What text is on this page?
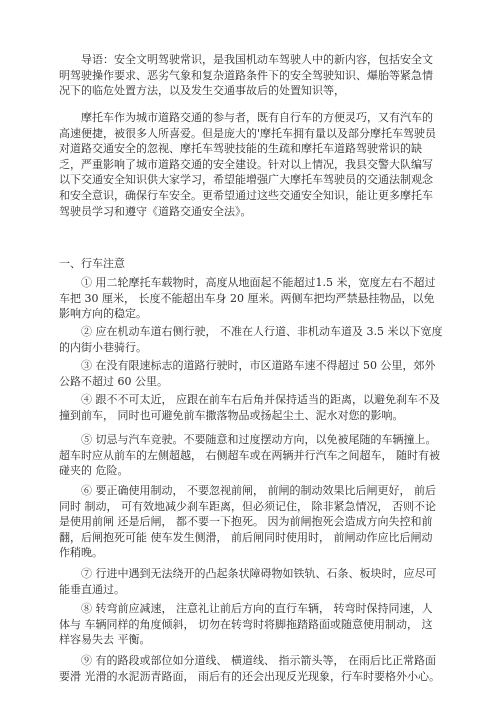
导语：安全文明驾驶常识，是我国机动车驾驶人中的新内容，包括安全文明驾驶操作要求、恶劣气象和复杂道路条件下的安全驾驶知识、爆胎等紧急情况下的临危处置方法，以及发生交通事故后的处置知识等，

摩托车作为城市道路交通的参与者，既有自行车的方便灵巧，又有汽车的高速便捷，被很多人所喜爱。但是庞大的'摩托车拥有量以及部分摩托车驾驶员对道路交通安全的忽视、摩托车驾驶技能的生疏和摩托车道路驾驶常识的缺乏，严重影响了城市道路交通的安全建设。针对以上情况，我县交警大队编写以下交通安全知识供大家学习，希望能增强广大摩托车驾驶员的交通法制观念和安全意识，确保行车安全。更希望通过这些交通安全知识，能让更多摩托车驾驶员学习和遵守《道路交通安全法》。

一、行车注意

① 用二轮摩托车载物时，高度从地面起不能超过1.5 米，宽度左右不超过车把 30 厘米， 长度不能超出车身 20 厘米。两侧车把均严禁悬挂物品，以免影响方向的稳定。

② 应在机动车道右侧行驶， 不准在人行道、非机动车道及 3.5 米以下宽度的内街小巷骑行。

③ 在没有限速标志的道路行驶时，市区道路车速不得超过 50 公里，郊外公路不超过 60 公里。

④ 跟不不可太近， 应跟在前车右后角并保持适当的距离，以避免刹车不及撞到前车， 同时也可避免前车撒落物品或扬起尘土、泥水对您的影响。

⑤ 切忌与汽车竞驶。不要随意和过度摆动方向，以免被尾随的车辆撞上。超车时应从前车的左侧超越， 右侧超车或在两辆并行汽车之间超车， 随时有被碰夹的 危险。

⑥ 要正确使用制动， 不要忽视前闸， 前闸的制动效果比后闸更好， 前后同时 制动， 可有效地减少刹车距离，但必须记住， 除非紧急情况， 否则不论是使用前闸 还是后闸， 都不要一下抱死。 因为前闸抱死会造成方向失控和前翻，后闸抱死可能 使车发生侧滑， 前后闸同时使用时， 前闸动作应比后闸动作稍晚。

⑦ 行进中遇到无法绕开的凸起条状障碍物如铁轨、石条、板块时，应尽可能垂直通过。

⑧ 转弯前应减速， 注意礼让前后方向的直行车辆， 转弯时保持同速，人体与 车辆同样的角度倾斜， 切勿在转弯时将脚拖踏路面或随意使用制动， 这样容易失去 平衡。

⑨ 有的路段或部位如分道线、 横道线、 指示箭头等， 在雨后比正常路面要滑 光滑的水泥沥青路面， 雨后有的还会出现反光现象，行车时要格外小心。
